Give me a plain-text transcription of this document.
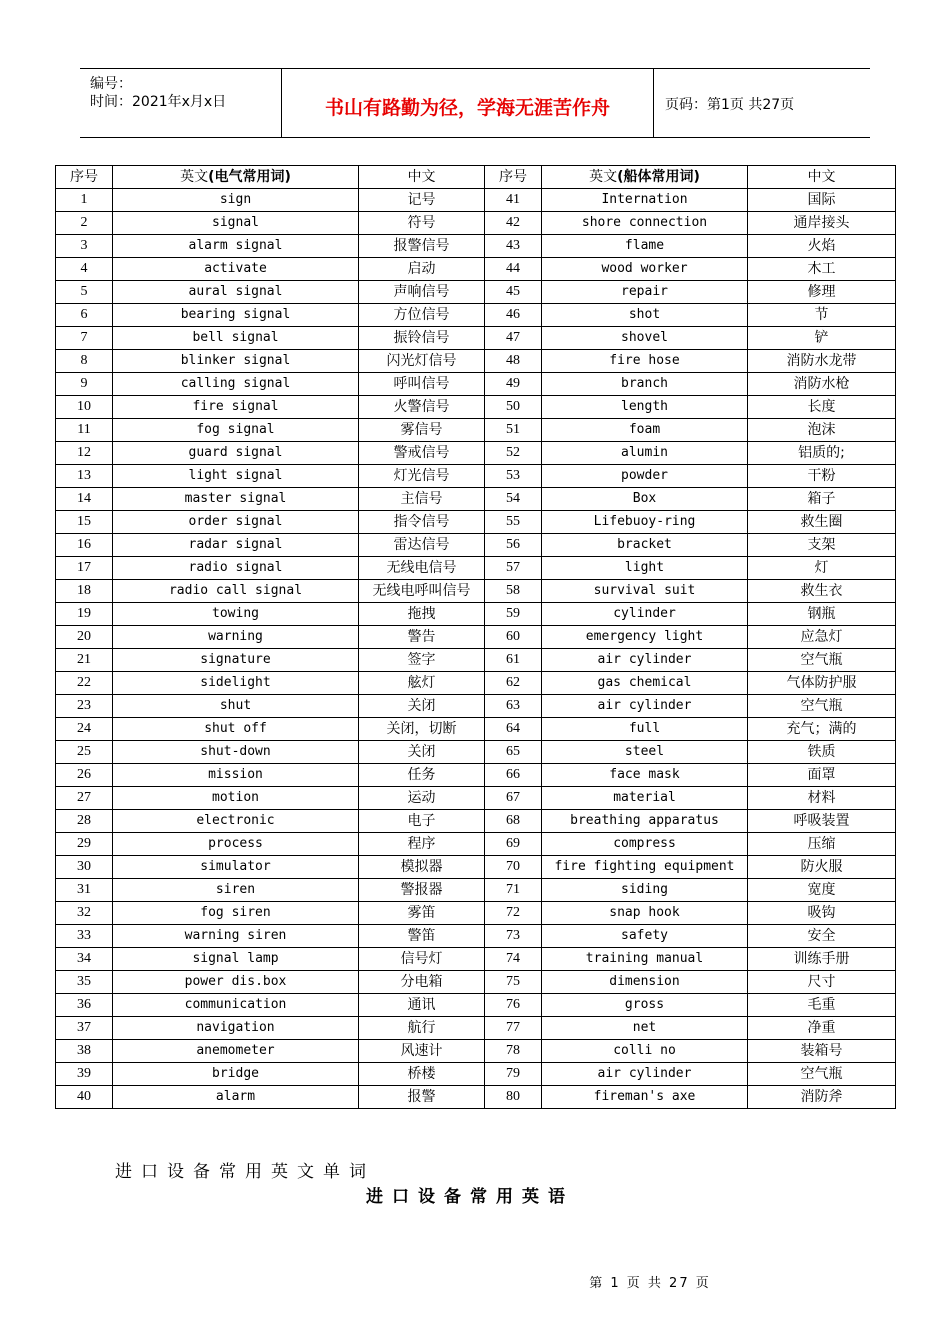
编号：
时间：2021年x月x日	书山有路勤为径，学海无涯苦作舟	页码：第1页 共27页
序号	英文(电气常用词)	中文	序号	英文(船体常用词)	中文
1	sign	记号	41	Internation	国际
2	signal	符号	42	shore connection	通岸接头
3	alarm signal	报警信号	43	flame	火焰
4	activate	启动	44	wood worker	木工
5	aural signal	声响信号	45	repair	修理
6	bearing signal	方位信号	46	shot	节
7	bell signal	振铃信号	47	shovel	铲
8	blinker signal	闪光灯信号	48	fire hose	消防水龙带
9	calling signal	呼叫信号	49	branch	消防水枪
10	fire signal	火警信号	50	length	长度
11	fog signal	雾信号	51	foam	泡沫
12	guard signal	警戒信号	52	alumin	铝质的;
13	light signal	灯光信号	53	powder	干粉
14	master signal	主信号	54	Box	箱子
15	order signal	指令信号	55	Lifebuoy-ring	救生圈
16	radar signal	雷达信号	56	bracket	支架
17	radio signal	无线电信号	57	light	灯
18	radio call signal	无线电呼叫信号	58	survival suit	救生衣
19	towing	拖拽	59	cylinder	钢瓶
20	warning	警告	60	emergency light	应急灯
21	signature	签字	61	air cylinder	空气瓶
22	sidelight	舷灯	62	gas chemical	气体防护服
23	shut	关闭	63	air cylinder	空气瓶
24	shut off	关闭，切断	64	full	充气；满的
25	shut-down	关闭	65	steel	铁质
26	mission	任务	66	face mask	面罩
27	motion	运动	67	material	材料
28	electronic	电子	68	breathing apparatus	呼吸装置
29	process	程序	69	compress	压缩
30	simulator	模拟器	70	fire fighting equipment	防火服
31	siren	警报器	71	siding	宽度
32	fog siren	雾笛	72	snap hook	吸钩
33	warning siren	警笛	73	safety	安全
34	signal lamp	信号灯	74	training manual	训练手册
35	power dis.box	分电箱	75	dimension	尺寸
36	communication	通讯	76	gross	毛重
37	navigation	航行	77	net	净重
38	anemometer	风速计	78	colli no	装箱号
39	bridge	桥楼	79	air cylinder	空气瓶
40	alarm	报警	80	fireman's axe	消防斧
进口设备常用英文单词
进口设备常用英语
第 1 页 共 27 页
